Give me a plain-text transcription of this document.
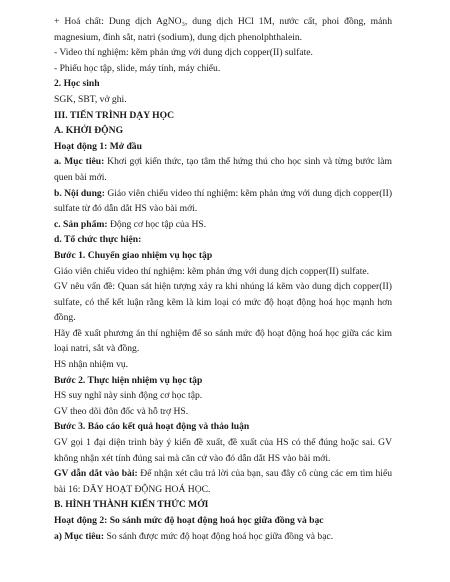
+ Hoá chất: Dung dịch AgNO₃, dung dịch HCl 1M, nước cất, phoi đồng, mảnh magnesium, đinh sắt, natri (sodium), dung dịch phenolphthalein.

- Video thí nghiệm: kẽm phản ứng với dung dịch copper(II) sulfate.

- Phiếu học tập, slide, máy tính, máy chiếu.

2. Học sinh

SGK, SBT, vở ghi.

III. TIẾN TRÌNH DẠY HỌC

A. KHỞI ĐỘNG

Hoạt động 1: Mở đầu

a. Mục tiêu: Khơi gợi kiến thức, tạo tâm thế hứng thú cho học sinh và từng bước làm quen bài mới.

b. Nội dung: Giáo viên chiếu video thí nghiệm: kẽm phản ứng với dung dịch copper(II) sulfate từ đó dẫn dắt HS vào bài mới.

c. Sản phẩm: Động cơ học tập của HS.

d. Tổ chức thực hiện:

Bước 1. Chuyển giao nhiệm vụ học tập

Giáo viên chiếu video thí nghiệm: kẽm phản ứng với dung dịch copper(II) sulfate.

GV nêu vấn đề: Quan sát hiện tượng xảy ra khi nhúng lá kẽm vào dung dịch copper(II) sulfate, có thể kết luận rằng kẽm là kim loại có mức độ hoạt động hoá học mạnh hơn đồng.

Hãy đề xuất phương án thí nghiệm để so sánh mức độ hoạt động hoá học giữa các kim loại natri, sắt và đồng.

HS nhận nhiệm vụ.

Bước 2. Thực hiện nhiệm vụ học tập

HS suy nghĩ này sinh động cơ học tập.

GV theo dõi đôn đốc và hỗ trợ HS.

Bước 3. Báo cáo kết quả hoạt động và thảo luận

GV gọi 1 đại diện trình bày ý kiến đề xuất, đề xuất của HS có thể đúng hoặc sai. GV không nhận xét tính đúng sai mà căn cứ vào đó dẫn dắt HS vào bài mới.

GV dẫn dắt vào bài: Để nhận xét câu trả lời của bạn, sau đây cô cùng các em tìm hiểu bài 16: DÃY HOẠT ĐỘNG HOÁ HỌC.

B. HÌNH THÀNH KIẾN THỨC MỚI

Hoạt động 2: So sánh mức độ hoạt động hoá học giữa đồng và bạc

a) Mục tiêu: So sánh được mức độ hoạt động hoá học giữa đồng và bạc.
